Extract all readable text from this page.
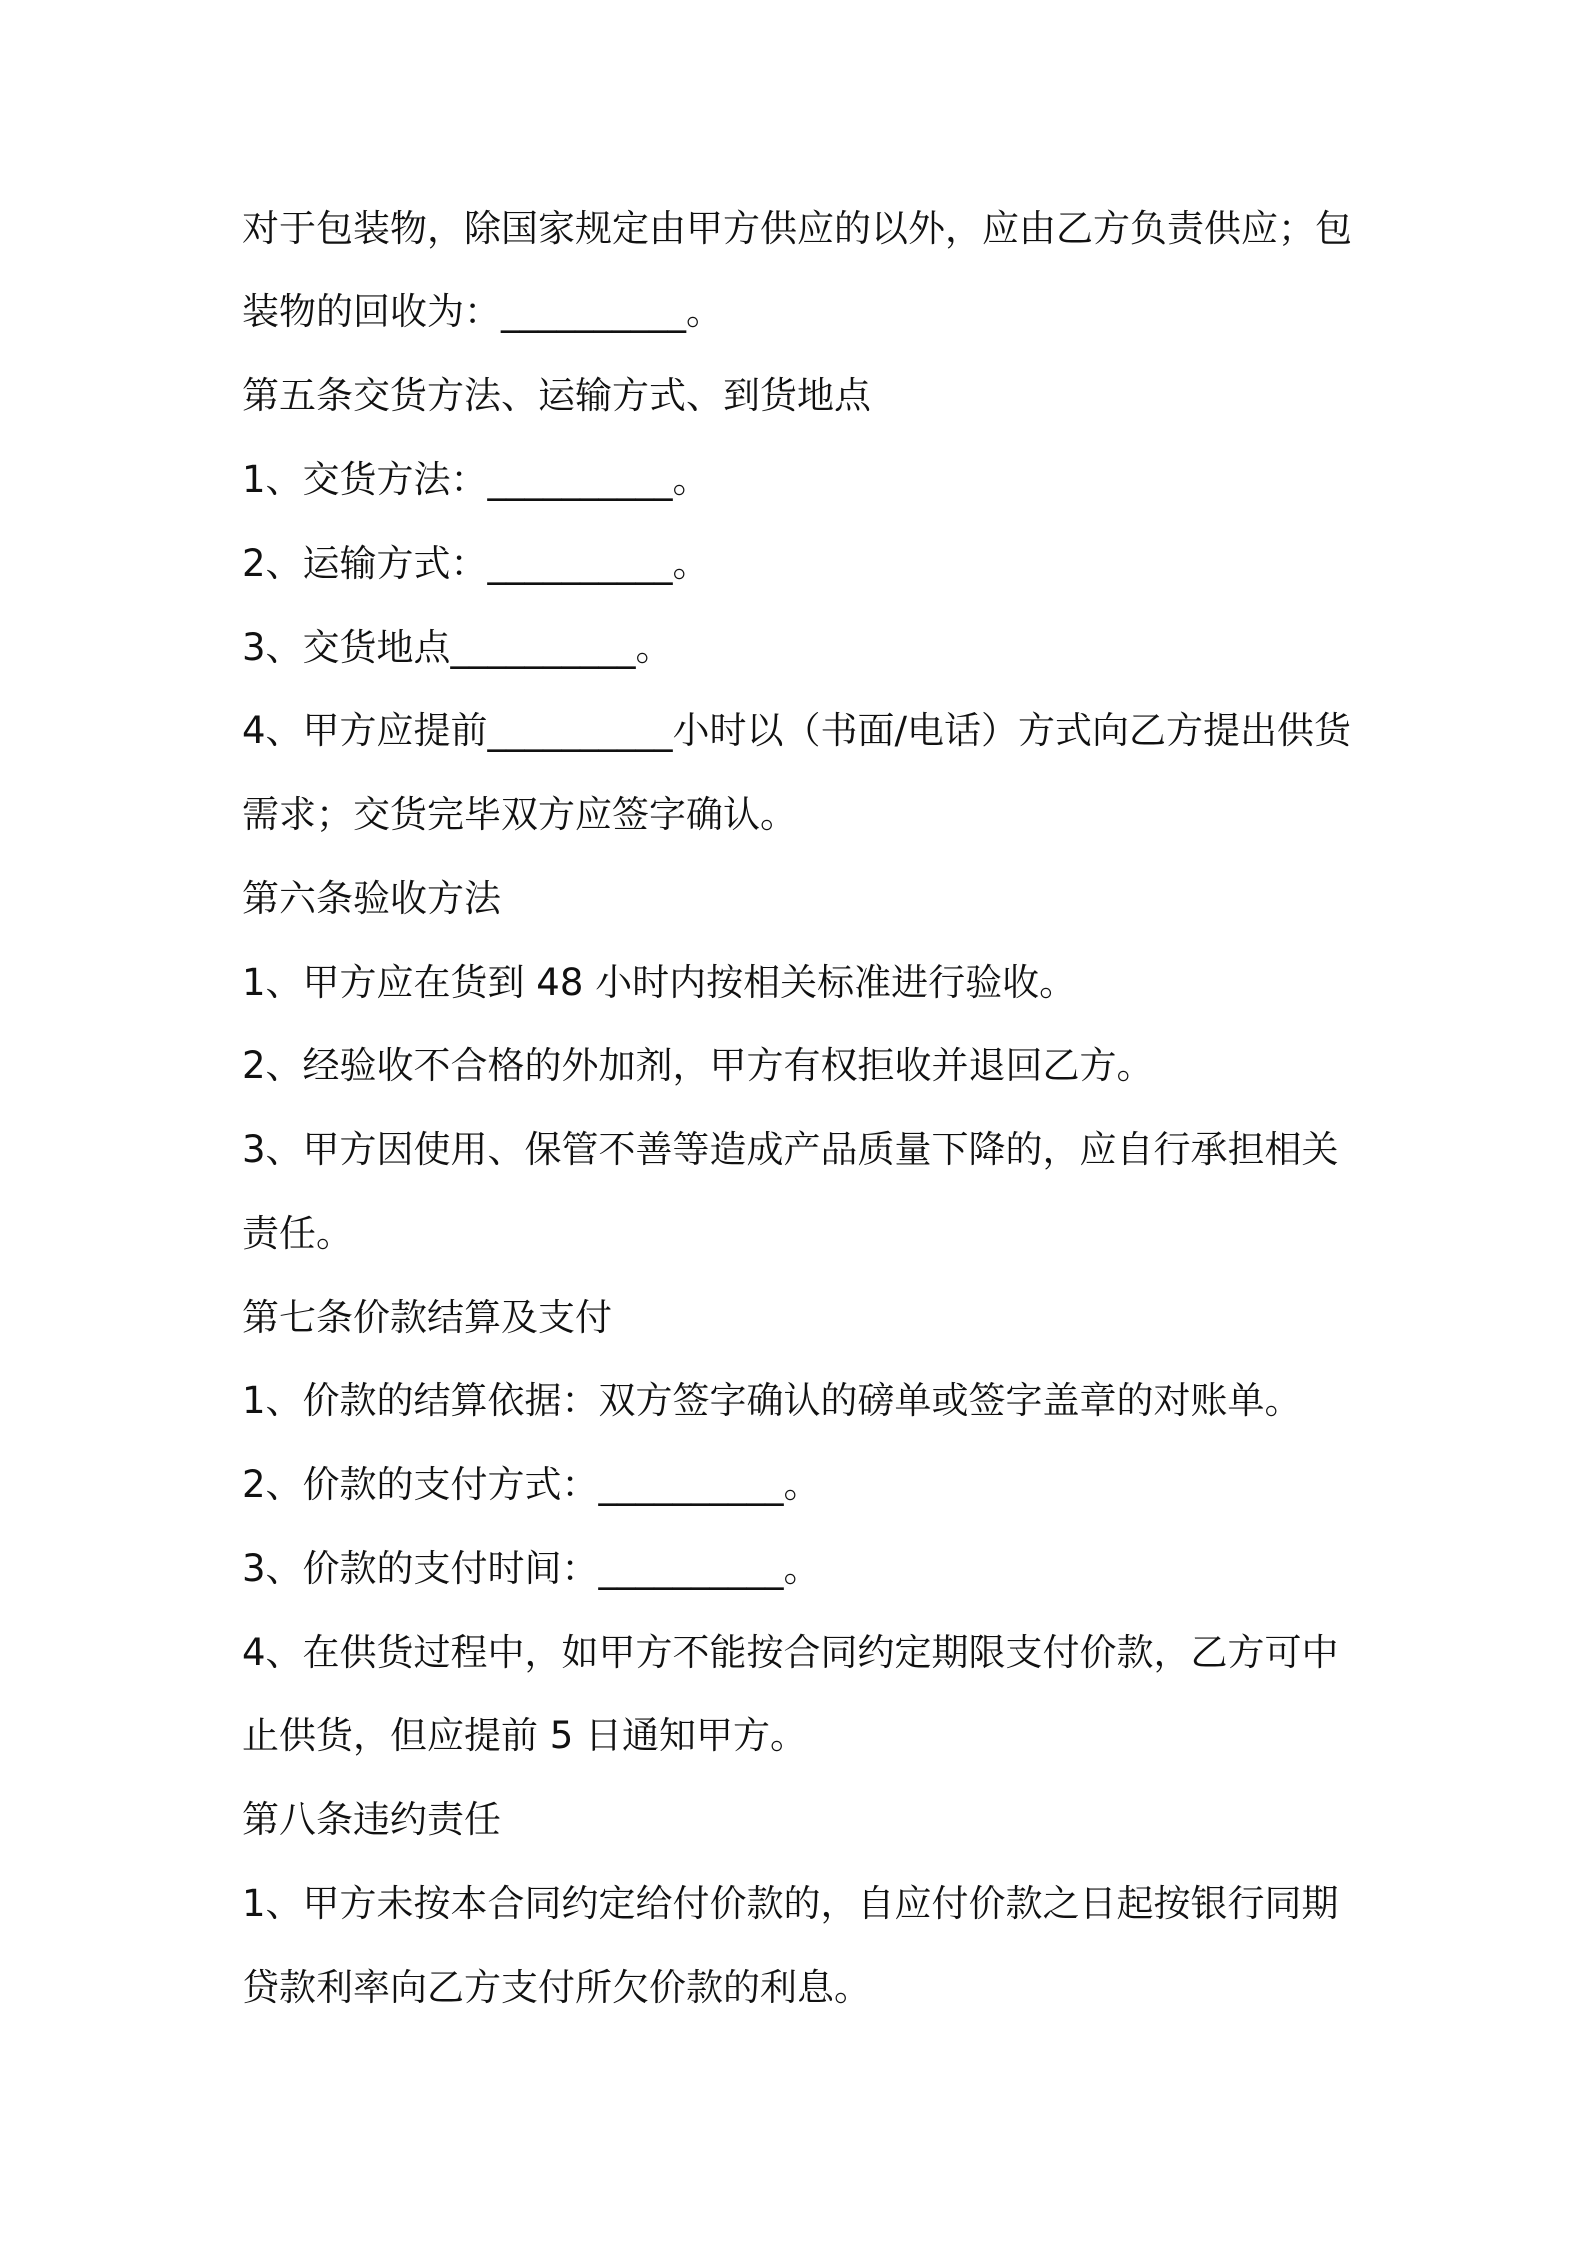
对于包装物，除国家规定由甲方供应的以外，应由乙方负责供应；包
装物的回收为：__________。
第五条交货方法、运输方式、到货地点
1、交货方法：__________。
2、运输方式：__________。
3、交货地点__________。
4、甲方应提前__________小时以（书面/电话）方式向乙方提出供货
需求；交货完毕双方应签字确认。
第六条验收方法
1、甲方应在货到 48 小时内按相关标准进行验收。
2、经验收不合格的外加剂，甲方有权拒收并退回乙方。
3、甲方因使用、保管不善等造成产品质量下降的，应自行承担相关
责任。
第七条价款结算及支付
1、价款的结算依据：双方签字确认的磅单或签字盖章的对账单。
2、价款的支付方式：__________。
3、价款的支付时间：__________。
4、在供货过程中，如甲方不能按合同约定期限支付价款，乙方可中
止供货，但应提前 5 日通知甲方。
第八条违约责任
1、甲方未按本合同约定给付价款的，自应付价款之日起按银行同期
贷款利率向乙方支付所欠价款的利息。
